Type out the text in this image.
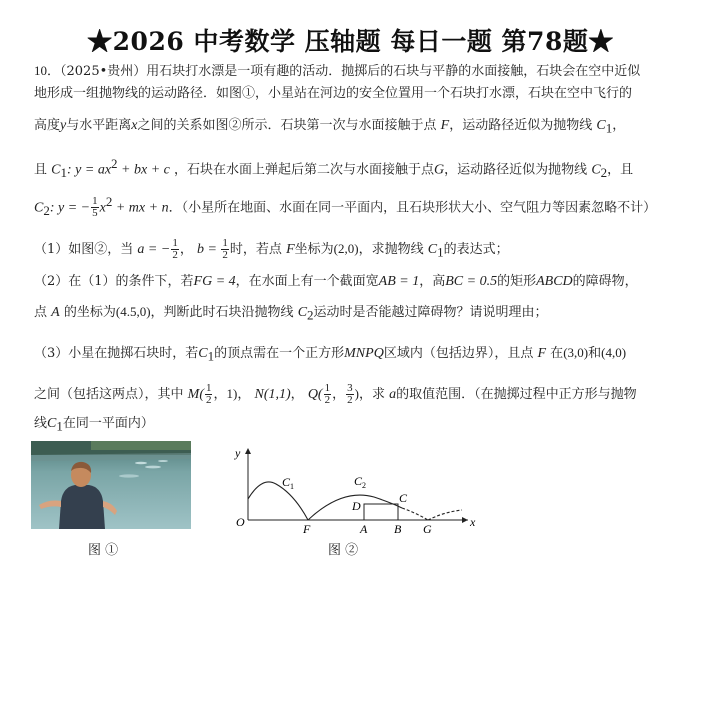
★2026 中考数学 压轴题 每日一题 第78题★
10．（2025•贵州）用石块打水漂是一项有趣的活动．抛掷后的石块与平静的水面接触，石块会在空中近似
地形成一组抛物线的运动路径．如图①，小星站在河边的安全位置用一个石块打水漂，石块在空中飞行的
高度y与水平距离x之间的关系如图②所示．石块第一次与水面接触于点 F，运动路径近似为抛物线 $C_1$，
且 $C_1$: $y = ax^2$ + bx + c ，石块在水面上弹起后第二次与水面接触于点G，运动路径近似为抛物线 $C_2$，且
$C_2$: y = − $\frac{1}{5} x^2$ + mx + n．（小星所在地面、水面在同一平面内，且石块形状大小、空气阻力等因素忽略不计）
（1）如图②，当 a = − $\frac{1}{2}$ ， $b = \frac{1}{2}$ 时，若点 F坐标为(2,0)，求抛物线 $C_1$的表达式；
（2）在（1）的条件下，若FG = 4，在水面上有一个截面宽AB = 1，高BC = 0.5的矩形ABCD的障碍物，
点 A 的坐标为(4.5,0)，判断此时石块沿抛物线 $C_2$运动时是否能越过障碍物？请说明理由；
（3）小星在抛掷石块时，若$C_1$的顶点需在一个正方形MNPQ区域内（包括边界），且点 F 在(3,0)和(4,0)
之间（包括这两点），其中 $M( \frac{1}{2}$ ，1)， N(1,1)， $Q( \frac{1}{2}$ ， $\frac{3}{2}$ )，求 a的取值范围．（在抛掷过程中正方形与抛物
线$C_1$在同一平面内）
图 ①
y
x
O	F	A B G
D
C
C 1	C 2
图 ②
